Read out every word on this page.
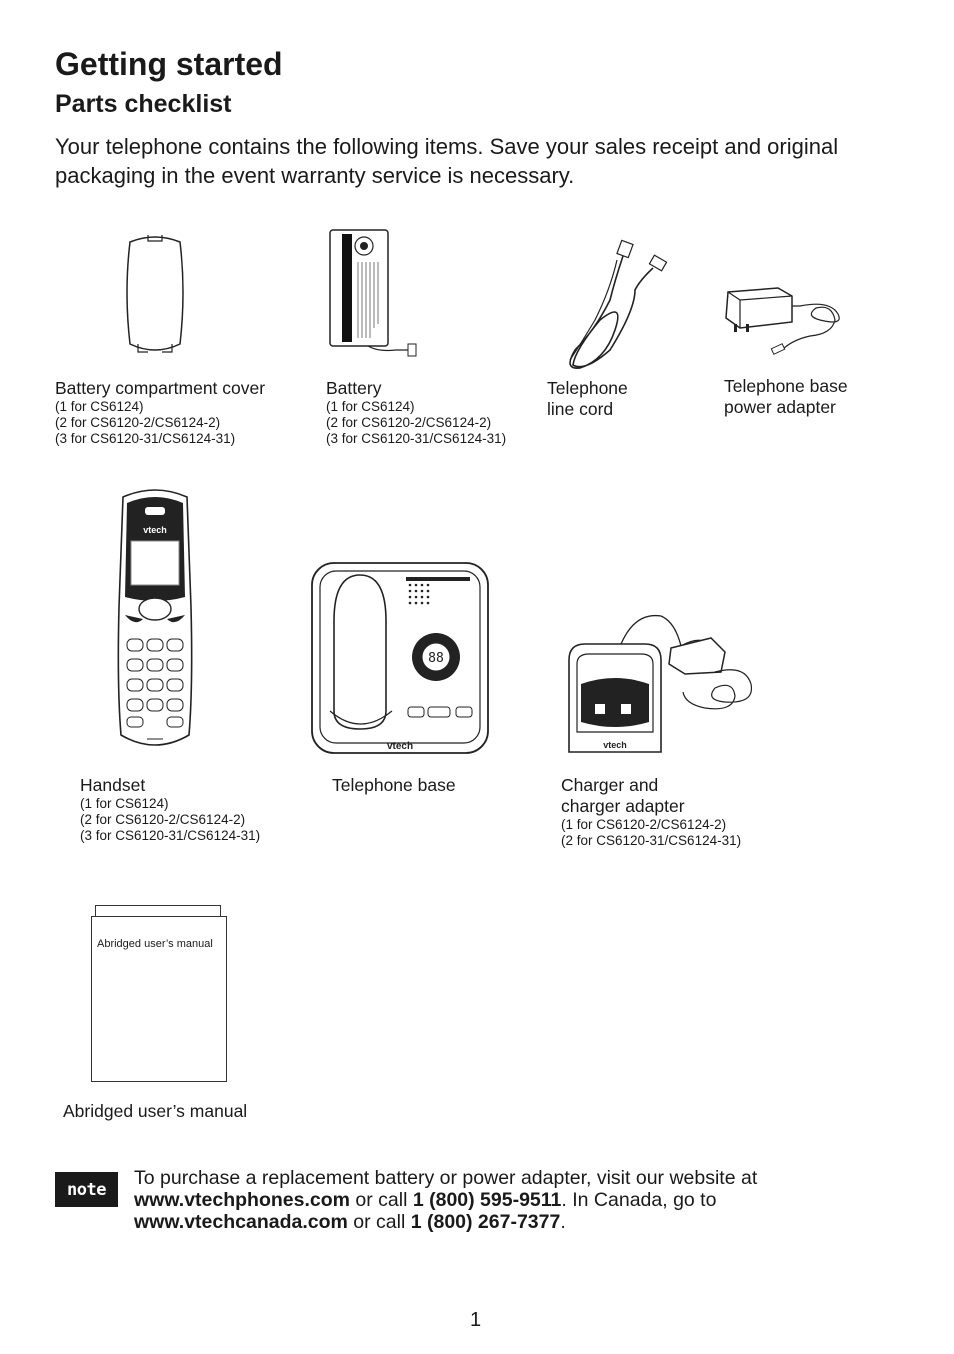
Getting started
Parts checklist

Your telephone contains the following items. Save your sales receipt and original packaging in the event warranty service is necessary.

Battery compartment cover
(1 for CS6124)
(2 for CS6120-2/CS6124-2)
(3 for CS6120-31/CS6124-31)
Battery
(1 for CS6124)
(2 for CS6120-2/CS6124-2)
(3 for CS6120-31/CS6124-31)
Telephone
line cord
Telephone base
power adapter
vtech
Handset
(1 for CS6124)
(2 for CS6120-2/CS6124-2)
(3 for CS6120-31/CS6124-31)
88
vtech
Telephone base
vtech
Charger and
charger adapter
(1 for CS6120-2/CS6124-2)
(2 for CS6120-31/CS6124-31)
Abridged user’s manual
Abridged user’s manual
note
To purchase a replacement battery or power adapter, visit our website at
www.vtechphones.com or call 1 (800) 595-9511. In Canada, go to
www.vtechcanada.com or call 1 (800) 267-7377.
1
